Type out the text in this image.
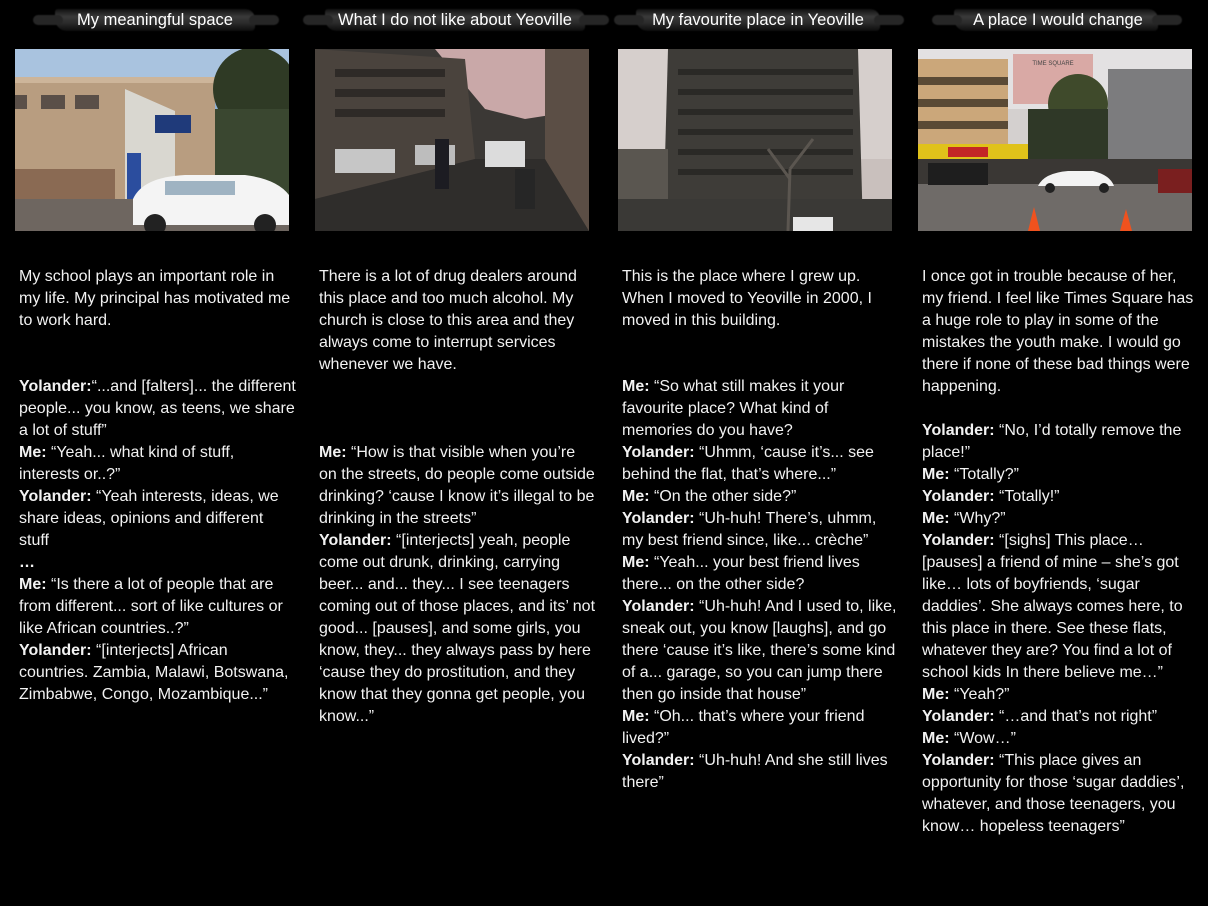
My meaningful space

My school plays an important role in my life. My principal has motivated me to work hard.

Yolander:“...and [falters]... the different people... you know, as teens, we share a lot of stuff”
Me: “Yeah... what kind of stuff, interests or..?”
Yolander: “Yeah interests, ideas, we share ideas, opinions and different stuff
…
Me: “Is there a lot of people that are from different... sort of like cultures or like African countries..?”
Yolander: “[interjects] African countries. Zambia, Malawi, Botswana, Zimbabwe, Congo, Mozambique...”
What I do not like about Yeoville

There is a lot of drug dealers around this place and too much alcohol. My church is close to this area and they always come to interrupt services whenever we have.

Me: “How is that visible when you’re on the streets, do people come outside drinking? ‘cause I know it’s illegal to be drinking in the streets”
Yolander: “[interjects] yeah, people come out drunk, drinking, carrying beer... and... they... I see teenagers coming out of those places, and its’ not good... [pauses], and some girls, you know, they... they always pass by here ‘cause they do prostitution, and they know that they gonna get people, you know...”
My favourite place in Yeoville

This is the place where I grew up. When I moved to Yeoville in 2000, I moved in this building.

Me: “So what still makes it your favourite place? What kind of memories do you have?
Yolander: “Uhmm, ‘cause it’s... see behind the flat, that’s where...”
Me: “On the other side?”
Yolander: “Uh-huh! There’s, uhmm, my best friend since, like... crèche”
Me: “Yeah... your best friend lives there... on the other side?
Yolander: “Uh-huh! And I used to, like, sneak out, you know [laughs], and go there ‘cause it’s like, there’s some kind of a... garage, so you can jump there then go inside that house”
Me: “Oh... that’s where your friend lived?”
Yolander: “Uh-huh! And she still lives there”
A place I would change
TIME SQUARE

I once got in trouble because of her, my friend. I feel like Times Square has a huge role to play in some of the mistakes the youth make. I would go there if none of these bad things were happening.

Yolander: “No, I’d totally remove the place!”
Me: “Totally?”
Yolander: “Totally!”
Me: “Why?”
Yolander: “[sighs] This place… [pauses] a friend of mine – she’s got like… lots of boyfriends, ‘sugar daddies’. She always comes here, to this place in there. See these flats, whatever they are? You find a lot of school kids In there believe me…”
Me: “Yeah?”
Yolander: “…and that’s not right”
Me: “Wow…”
Yolander: “This place gives an opportunity for those ‘sugar daddies’, whatever, and those teenagers, you know… hopeless teenagers”
